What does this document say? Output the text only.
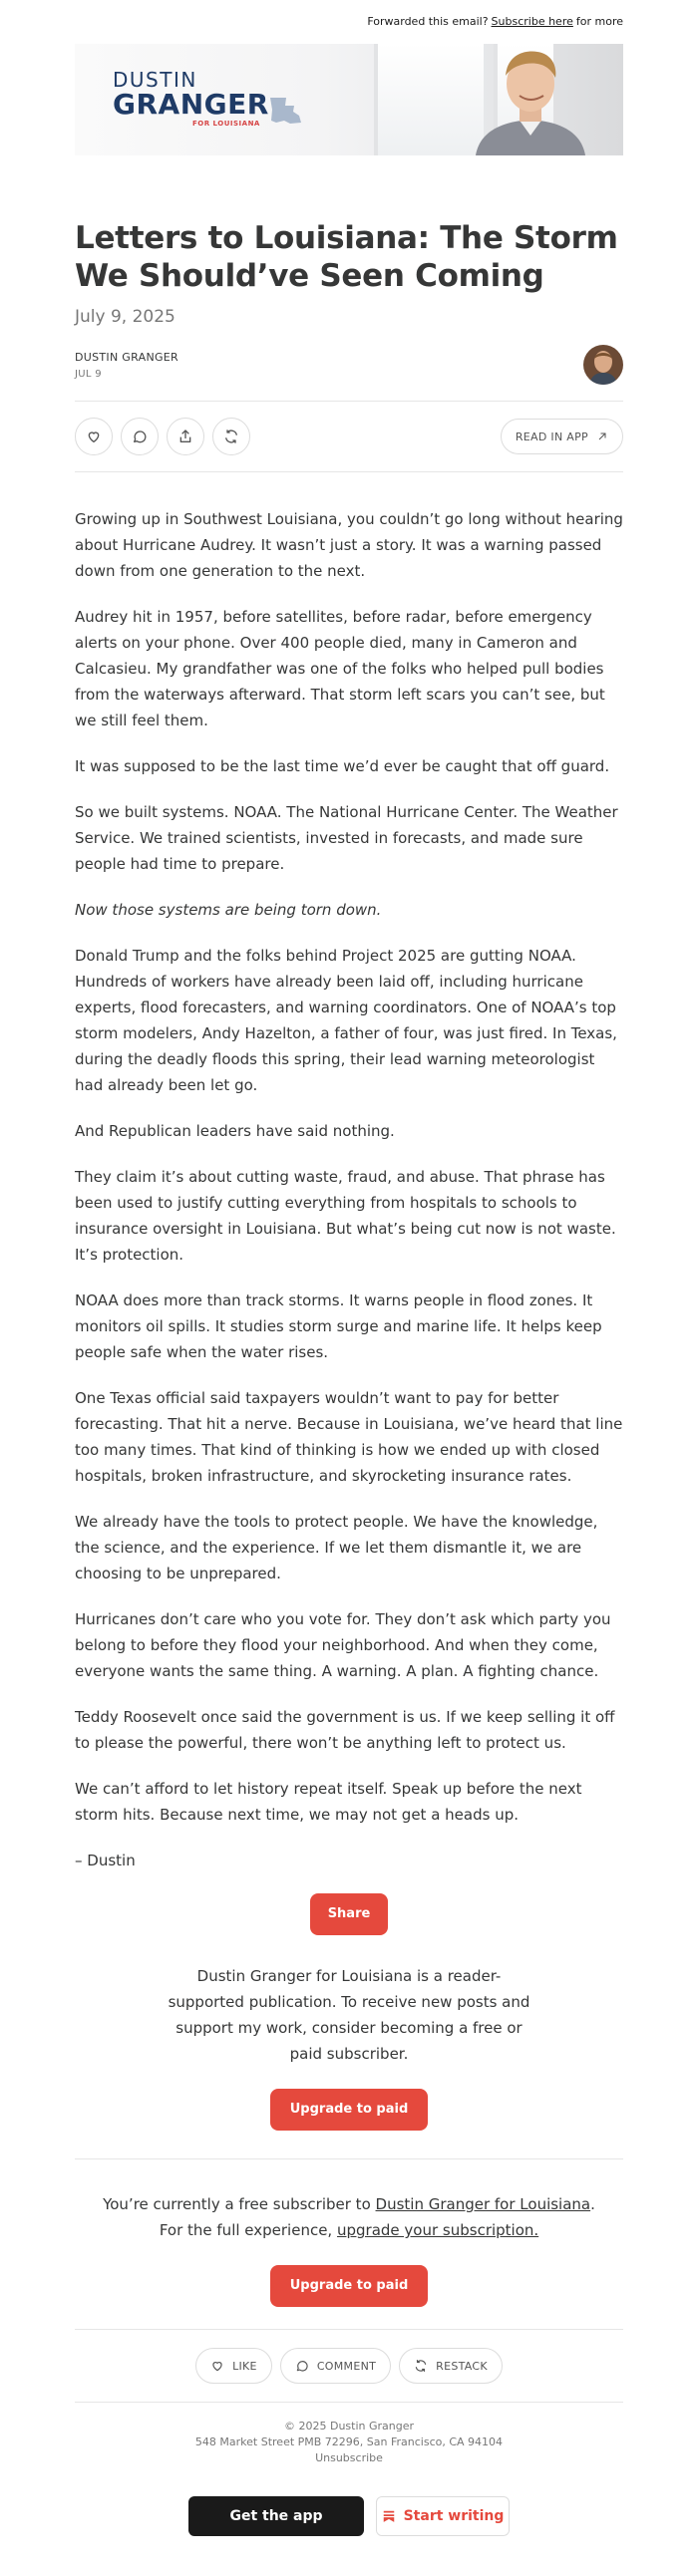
Forwarded this email? Subscribe here for more
DUSTIN
GRANGER
FOR LOUISIANA
Letters to Louisiana: The Storm We Should’ve Seen Coming
July 9, 2025
DUSTIN GRANGER
JUL 9
READ IN APP

Growing up in Southwest Louisiana, you couldn’t go long without hearing about Hurricane Audrey. It wasn’t just a story. It was a warning passed down from one generation to the next.

Audrey hit in 1957, before satellites, before radar, before emergency alerts on your phone. Over 400 people died, many in Cameron and Calcasieu. My grandfather was one of the folks who helped pull bodies from the waterways afterward. That storm left scars you can’t see, but we still feel them.

It was supposed to be the last time we’d ever be caught that off guard.

So we built systems. NOAA. The National Hurricane Center. The Weather Service. We trained scientists, invested in forecasts, and made sure people had time to prepare.

Now those systems are being torn down.

Donald Trump and the folks behind Project 2025 are gutting NOAA. Hundreds of workers have already been laid off, including hurricane experts, flood forecasters, and warning coordinators. One of NOAA’s top storm modelers, Andy Hazelton, a father of four, was just fired. In Texas, during the deadly floods this spring, their lead warning meteorologist had already been let go.

And Republican leaders have said nothing.

They claim it’s about cutting waste, fraud, and abuse. That phrase has been used to justify cutting everything from hospitals to schools to insurance oversight in Louisiana. But what’s being cut now is not waste. It’s protection.

NOAA does more than track storms. It warns people in flood zones. It monitors oil spills. It studies storm surge and marine life. It helps keep people safe when the water rises.

One Texas official said taxpayers wouldn’t want to pay for better forecasting. That hit a nerve. Because in Louisiana, we’ve heard that line too many times. That kind of thinking is how we ended up with closed hospitals, broken infrastructure, and skyrocketing insurance rates.

We already have the tools to protect people. We have the knowledge, the science, and the experience. If we let them dismantle it, we are choosing to be unprepared.

Hurricanes don’t care who you vote for. They don’t ask which party you belong to before they flood your neighborhood. And when they come, everyone wants the same thing. A warning. A plan. A fighting chance.

Teddy Roosevelt once said the government is us. If we keep selling it off to please the powerful, there won’t be anything left to protect us.

We can’t afford to let history repeat itself. Speak up before the next storm hits. Because next time, we may not get a heads up.

– Dustin

Share
Dustin Granger for Louisiana is a reader-supported publication. To receive new posts and support my work, consider becoming a free or paid subscriber.
Upgrade to paid
You’re currently a free subscriber to Dustin Granger for Louisiana. For the full experience, upgrade your subscription.
Upgrade to paid
LIKE	COMMENT	RESTACK
© 2025 Dustin Granger
548 Market Street PMB 72296, San Francisco, CA 94104
Unsubscribe
Get the app	Start writing
